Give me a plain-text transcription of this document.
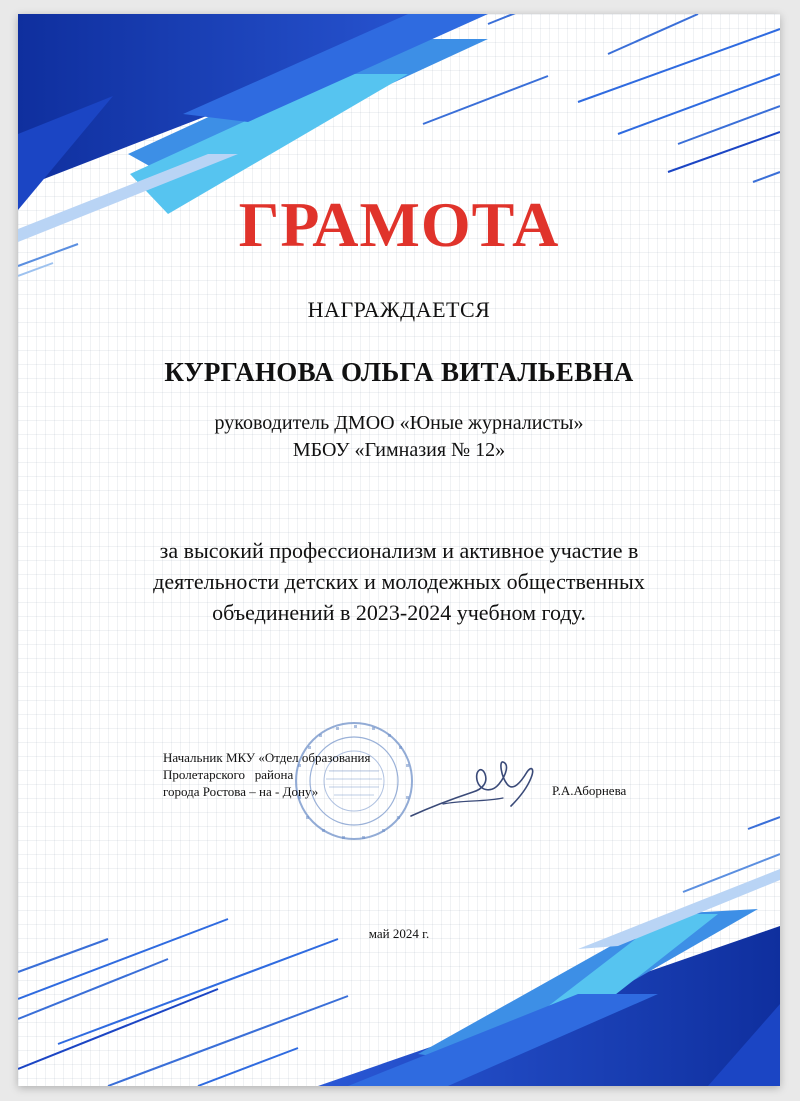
ГРАМОТА
НАГРАЖДАЕТСЯ
КУРГАНОВА ОЛЬГА ВИТАЛЬЕВНА
руководитель ДМОО «Юные журналисты»
МБОУ «Гимназия № 12»
за высокий профессионализм и активное участие в
деятельности детских и молодежных общественных
объединений в 2023-2024 учебном году.
Начальник МКУ «Отдел образования
Пролетарского   района
города Ростова – на - Дону»	Р.А.Аборнева
май 2024 г.
